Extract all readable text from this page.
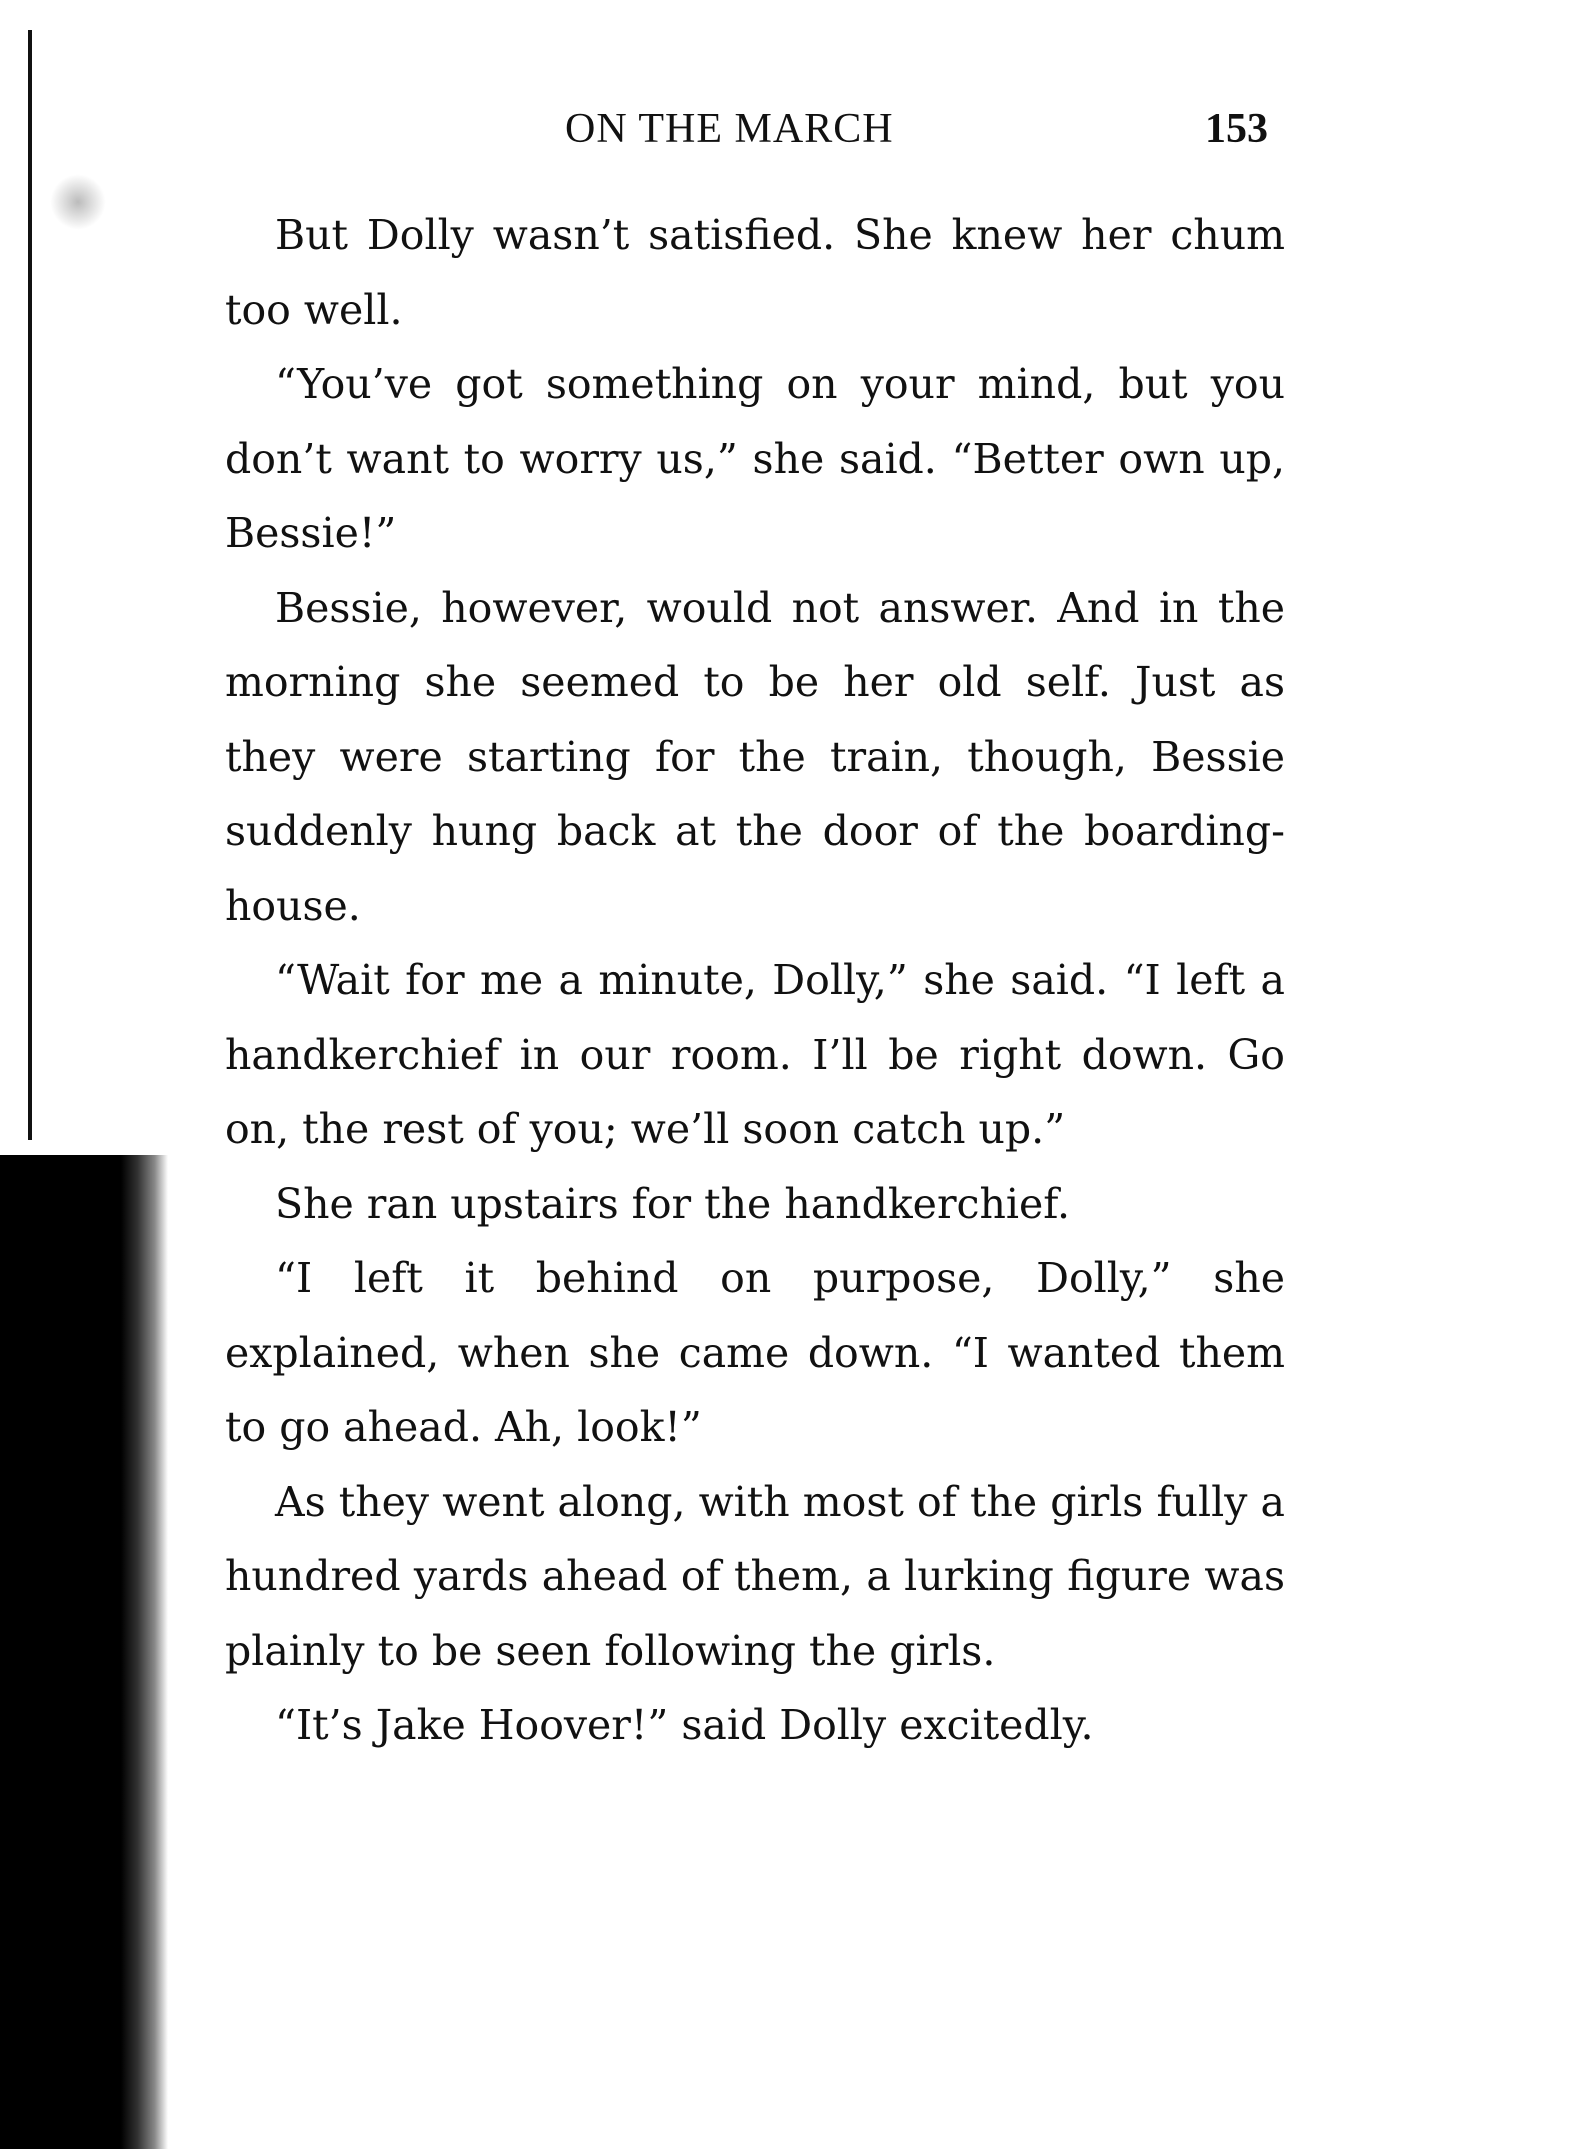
ON THE MARCH	153

But Dolly wasn’t satisfied. She knew her chum too well.

“You’ve got something on your mind, but you don’t want to worry us,” she said. “Better own up, Bessie!”

Bessie, however, would not answer. And in the morning she seemed to be her old self. Just as they were starting for the train, though, Bessie suddenly hung back at the door of the boarding-house.

“Wait for me a minute, Dolly,” she said. “I left a handkerchief in our room. I’ll be right down. Go on, the rest of you; we’ll soon catch up.”

She ran upstairs for the handkerchief.

“I left it behind on purpose, Dolly,” she explained, when she came down. “I wanted them to go ahead. Ah, look!”

As they went along, with most of the girls fully a hundred yards ahead of them, a lurking figure was plainly to be seen following the girls.

“It’s Jake Hoover!” said Dolly excitedly.
